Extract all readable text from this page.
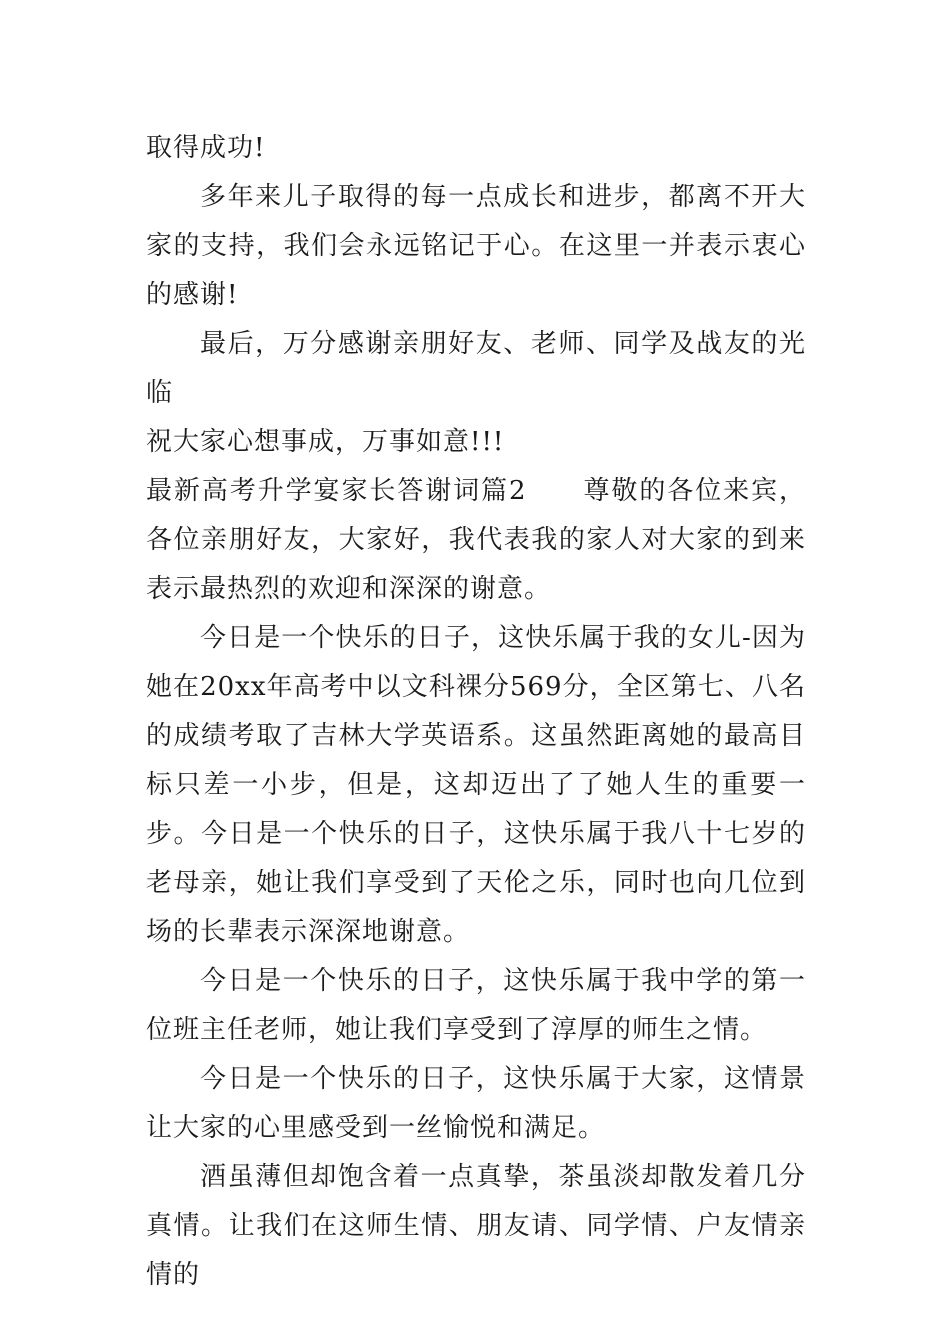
取得成功!

多年来儿子取得的每一点成长和进步，都离不开大家的支持，我们会永远铭记于心。在这里一并表示衷心的感谢!

最后，万分感谢亲朋好友、老师、同学及战友的光临

祝大家心想事成，万事如意!!!

最新高考升学宴家长答谢词篇2 尊敬的各位来宾，各位亲朋好友，大家好，我代表我的家人对大家的到来表示最热烈的欢迎和深深的谢意。

今日是一个快乐的日子，这快乐属于我的女儿-因为她在20xx年高考中以文科裸分569分，全区第七、八名的成绩考取了吉林大学英语系。这虽然距离她的最高目标只差一小步，但是，这却迈出了了她人生的重要一步。今日是一个快乐的日子，这快乐属于我八十七岁的老母亲，她让我们享受到了天伦之乐，同时也向几位到场的长辈表示深深地谢意。

今日是一个快乐的日子，这快乐属于我中学的第一位班主任老师，她让我们享受到了淳厚的师生之情。

今日是一个快乐的日子，这快乐属于大家，这情景让大家的心里感受到一丝愉悦和满足。

酒虽薄但却饱含着一点真挚，茶虽淡却散发着几分真情。让我们在这师生情、朋友请、同学情、户友情亲情的
